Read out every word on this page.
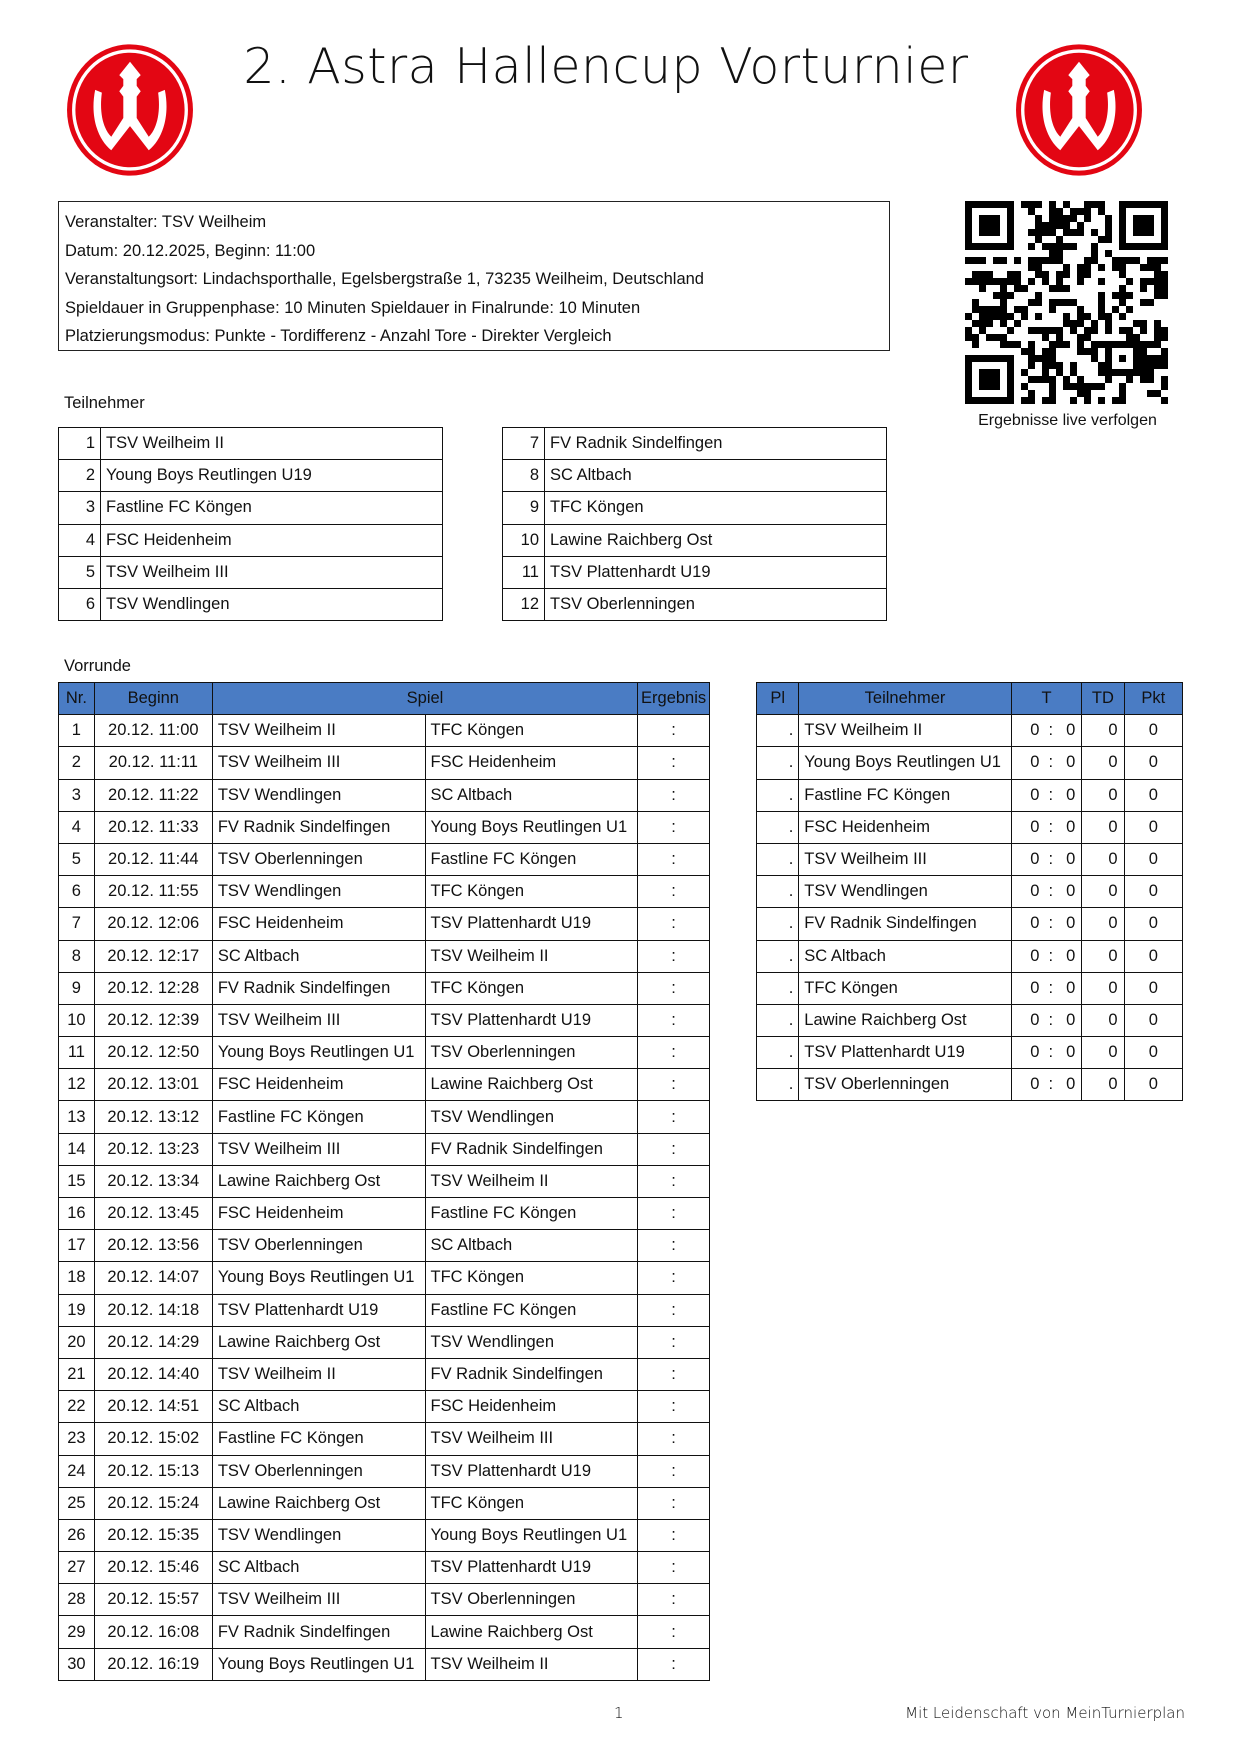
2. Astra Hallencup Vorturnier
Veranstalter: TSV Weilheim
Datum: 20.12.2025, Beginn: 11:00
Veranstaltungsort: Lindachsporthalle, Egelsbergstraße 1, 73235 Weilheim, Deutschland
Spieldauer in Gruppenphase: 10 Minuten Spieldauer in Finalrunde: 10 Minuten
Platzierungsmodus: Punkte - Tordifferenz - Anzahl Tore - Direkter Vergleich
Ergebnisse live verfolgen
Teilnehmer
1	TSV Weilheim II
2	Young Boys Reutlingen U19
3	Fastline FC Köngen
4	FSC Heidenheim
5	TSV Weilheim III
6	TSV Wendlingen
7	FV Radnik Sindelfingen
8	SC Altbach
9	TFC Köngen
10	Lawine Raichberg Ost
11	TSV Plattenhardt U19
12	TSV Oberlenningen
Vorrunde
Nr.	Beginn	Spiel		Ergebnis
1	20.12. 11:00	TSV Weilheim II	TFC Köngen	:
2	20.12. 11:11	TSV Weilheim III	FSC Heidenheim	:
3	20.12. 11:22	TSV Wendlingen	SC Altbach	:
4	20.12. 11:33	FV Radnik Sindelfingen	Young Boys Reutlingen U1	:
5	20.12. 11:44	TSV Oberlenningen	Fastline FC Köngen	:
6	20.12. 11:55	TSV Wendlingen	TFC Köngen	:
7	20.12. 12:06	FSC Heidenheim	TSV Plattenhardt U19	:
8	20.12. 12:17	SC Altbach	TSV Weilheim II	:
9	20.12. 12:28	FV Radnik Sindelfingen	TFC Köngen	:
10	20.12. 12:39	TSV Weilheim III	TSV Plattenhardt U19	:
11	20.12. 12:50	Young Boys Reutlingen U1	TSV Oberlenningen	:
12	20.12. 13:01	FSC Heidenheim	Lawine Raichberg Ost	:
13	20.12. 13:12	Fastline FC Köngen	TSV Wendlingen	:
14	20.12. 13:23	TSV Weilheim III	FV Radnik Sindelfingen	:
15	20.12. 13:34	Lawine Raichberg Ost	TSV Weilheim II	:
16	20.12. 13:45	FSC Heidenheim	Fastline FC Köngen	:
17	20.12. 13:56	TSV Oberlenningen	SC Altbach	:
18	20.12. 14:07	Young Boys Reutlingen U1	TFC Köngen	:
19	20.12. 14:18	TSV Plattenhardt U19	Fastline FC Köngen	:
20	20.12. 14:29	Lawine Raichberg Ost	TSV Wendlingen	:
21	20.12. 14:40	TSV Weilheim II	FV Radnik Sindelfingen	:
22	20.12. 14:51	SC Altbach	FSC Heidenheim	:
23	20.12. 15:02	Fastline FC Köngen	TSV Weilheim III	:
24	20.12. 15:13	TSV Oberlenningen	TSV Plattenhardt U19	:
25	20.12. 15:24	Lawine Raichberg Ost	TFC Köngen	:
26	20.12. 15:35	TSV Wendlingen	Young Boys Reutlingen U1	:
27	20.12. 15:46	SC Altbach	TSV Plattenhardt U19	:
28	20.12. 15:57	TSV Weilheim III	TSV Oberlenningen	:
29	20.12. 16:08	FV Radnik Sindelfingen	Lawine Raichberg Ost	:
30	20.12. 16:19	Young Boys Reutlingen U1	TSV Weilheim II	:
Pl	Teilnehmer	T	TD	Pkt
.	TSV Weilheim II	0 : 0	0	0
.	Young Boys Reutlingen U1	0 : 0	0	0
.	Fastline FC Köngen	0 : 0	0	0
.	FSC Heidenheim	0 : 0	0	0
.	TSV Weilheim III	0 : 0	0	0
.	TSV Wendlingen	0 : 0	0	0
.	FV Radnik Sindelfingen	0 : 0	0	0
.	SC Altbach	0 : 0	0	0
.	TFC Köngen	0 : 0	0	0
.	Lawine Raichberg Ost	0 : 0	0	0
.	TSV Plattenhardt U19	0 : 0	0	0
.	TSV Oberlenningen	0 : 0	0	0
1	Mit Leidenschaft von MeinTurnierplan
